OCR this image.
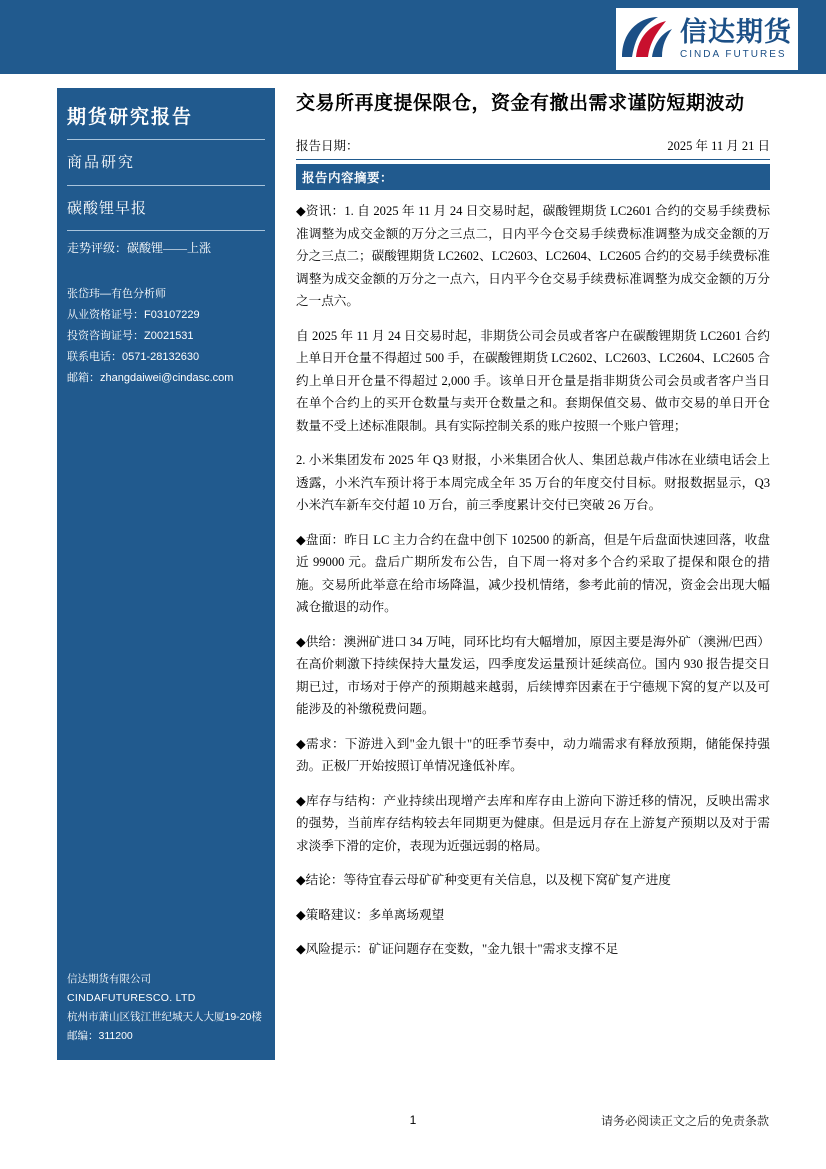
信达期货
CINDA FUTURES
期货研究报告
商品研究
碳酸锂早报
走势评级：碳酸锂——上涨
张岱玮—有色分析师
从业资格证号：F03107229
投资咨询证号：Z0021531
联系电话：0571-28132630
邮箱：zhangdaiwei@cindasc.com
信达期货有限公司
CINDAFUTURESCO. LTD
杭州市萧山区钱江世纪城天人大厦19-20楼
邮编：311200
交易所再度提保限仓，资金有撤出需求谨防短期波动
报告日期：	2025 年 11 月 21 日
报告内容摘要：

◆资讯：1. 自 2025 年 11 月 24 日交易时起，碳酸锂期货 LC2601 合约的交易手续费标准调整为成交金额的万分之三点二，日内平今仓交易手续费标准调整为成交金额的万分之三点二；碳酸锂期货 LC2602、LC2603、LC2604、LC2605 合约的交易手续费标准调整为成交金额的万分之一点六，日内平今仓交易手续费标准调整为成交金额的万分之一点六。

自 2025 年 11 月 24 日交易时起，非期货公司会员或者客户在碳酸锂期货 LC2601 合约上单日开仓量不得超过 500 手，在碳酸锂期货 LC2602、LC2603、LC2604、LC2605 合约上单日开仓量不得超过 2,000 手。该单日开仓量是指非期货公司会员或者客户当日在单个合约上的买开仓数量与卖开仓数量之和。套期保值交易、做市交易的单日开仓数量不受上述标准限制。具有实际控制关系的账户按照一个账户管理；

2. 小米集团发布 2025 年 Q3 财报，小米集团合伙人、集团总裁卢伟冰在业绩电话会上透露，小米汽车预计将于本周完成全年 35 万台的年度交付目标。财报数据显示，Q3 小米汽车新车交付超 10 万台，前三季度累计交付已突破 26 万台。

◆盘面：昨日 LC 主力合约在盘中创下 102500 的新高，但是午后盘面快速回落，收盘近 99000 元。盘后广期所发布公告，自下周一将对多个合约采取了提保和限仓的措施。交易所此举意在给市场降温，减少投机情绪，参考此前的情况，资金会出现大幅减仓撤退的动作。

◆供给：澳洲矿进口 34 万吨，同环比均有大幅增加，原因主要是海外矿（澳洲/巴西）在高价刺激下持续保持大量发运，四季度发运量预计延续高位。国内 930 报告提交日期已过，市场对于停产的预期越来越弱，后续博弈因素在于宁德规下窝的复产以及可能涉及的补缴税费问题。

◆需求：下游进入到"金九银十"的旺季节奏中，动力端需求有释放预期，储能保持强劲。正极厂开始按照订单情况逢低补库。

◆库存与结构：产业持续出现增产去库和库存由上游向下游迁移的情况，反映出需求的强势，当前库存结构较去年同期更为健康。但是远月存在上游复产预期以及对于需求淡季下滑的定价，表现为近强远弱的格局。

◆结论：等待宜春云母矿矿种变更有关信息，以及枧下窝矿复产进度

◆策略建议：多单离场观望

◆风险提示：矿证问题存在变数，"金九银十"需求支撑不足

1	请务必阅读正文之后的免责条款
